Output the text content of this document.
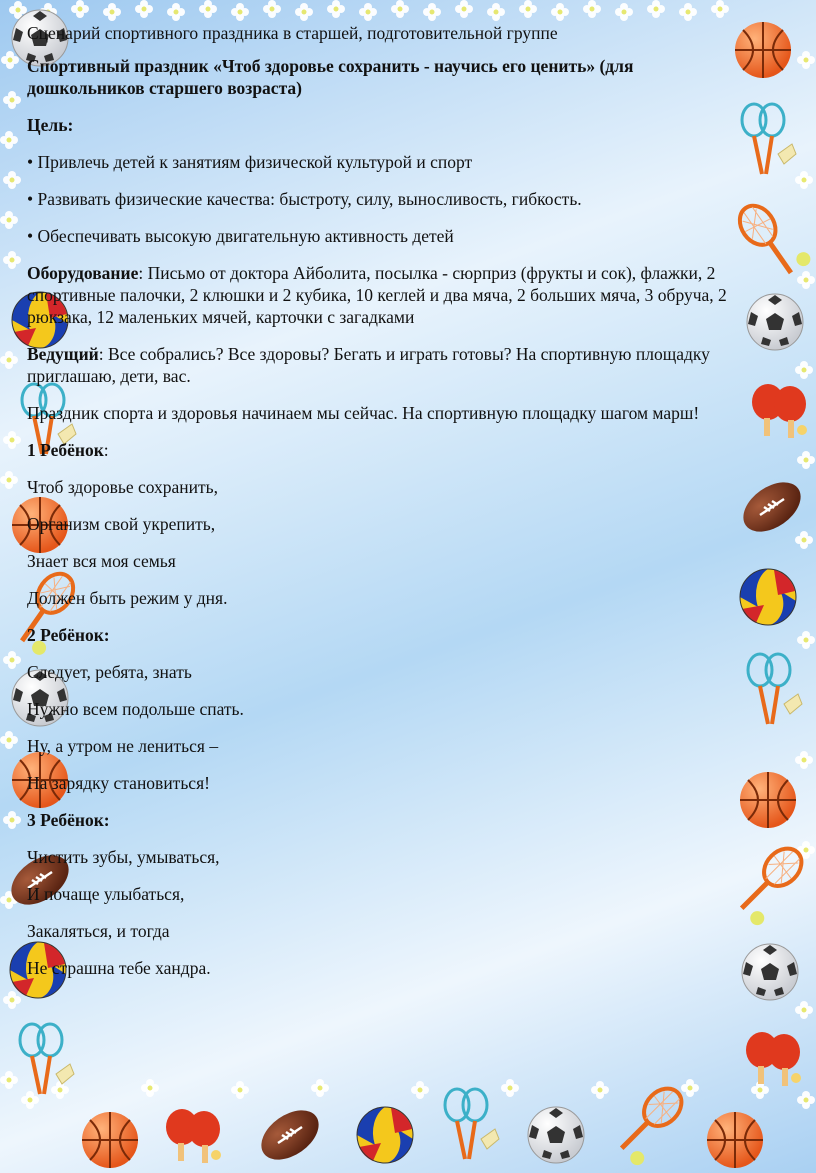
Сценарий спортивного праздника в старшей, подготовительной группе

Спортивный праздник «Чтоб здоровье сохранить - научись его ценить» (для дошкольников старшего возраста)

Цель:

• Привлечь детей к занятиям физической культурой и спорт

• Развивать физические качества: быстроту, силу, выносливость, гибкость.

• Обеспечивать высокую двигательную активность детей

Оборудование: Письмо от доктора Айболита, посылка - сюрприз (фрукты и сок), флажки, 2 спортивные палочки, 2 клюшки и 2 кубика, 10 кеглей и два мяча, 2 больших мяча, 3 обруча, 2 рюкзака, 12 маленьких мячей, карточки с загадками

Ведущий: Все собрались? Все здоровы? Бегать и играть готовы? На спортивную площадку приглашаю, дети, вас.

Праздник спорта и здоровья начинаем мы сейчас. На спортивную площадку шагом марш!

1 Ребёнок:

Чтоб здоровье сохранить,

Организм свой укрепить,

Знает вся моя семья

Должен быть режим у дня.

2 Ребёнок:

Следует, ребята, знать

Нужно всем подольше спать.

Ну, а утром не лениться –

На зарядку становиться!

3 Ребёнок:

Чистить зубы, умываться,

И почаще улыбаться,

Закаляться, и тогда

Не страшна тебе хандра.
